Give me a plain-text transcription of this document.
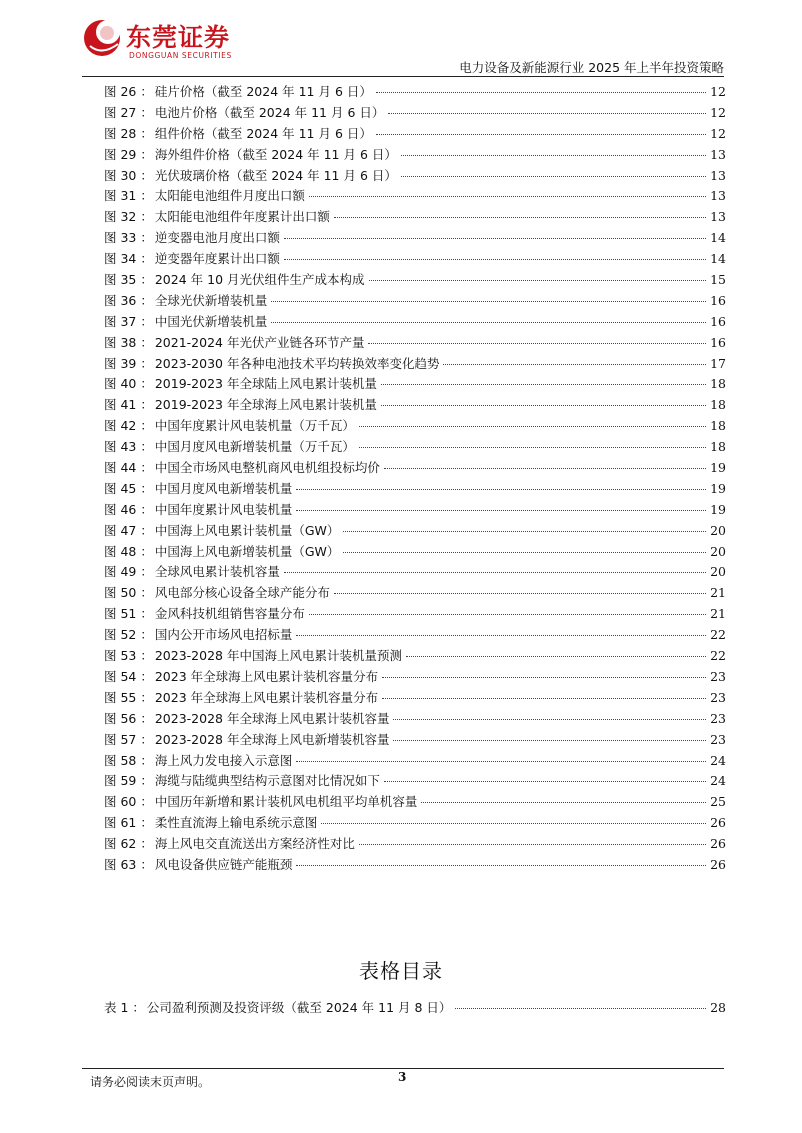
东莞证券
DONGGUAN SECURITIES
电力设备及新能源行业 2025 年上半年投资策略
图 26 ： 硅片价格（截至 2024 年 11 月 6 日）	12
图 27 ： 电池片价格（截至 2024 年 11 月 6 日）	12
图 28 ： 组件价格（截至 2024 年 11 月 6 日）	12
图 29 ： 海外组件价格（截至 2024 年 11 月 6 日）	13
图 30 ： 光伏玻璃价格（截至 2024 年 11 月 6 日）	13
图 31 ： 太阳能电池组件月度出口额	13
图 32 ： 太阳能电池组件年度累计出口额	13
图 33 ： 逆变器电池月度出口额	14
图 34 ： 逆变器年度累计出口额	14
图 35 ： 2024 年 10 月光伏组件生产成本构成	15
图 36 ： 全球光伏新增装机量	16
图 37 ： 中国光伏新增装机量	16
图 38 ： 2021-2024 年光伏产业链各环节产量	16
图 39 ： 2023-2030 年各种电池技术平均转换效率变化趋势	17
图 40 ： 2019-2023 年全球陆上风电累计装机量	18
图 41 ： 2019-2023 年全球海上风电累计装机量	18
图 42 ： 中国年度累计风电装机量（万千瓦）	18
图 43 ： 中国月度风电新增装机量（万千瓦）	18
图 44 ： 中国全市场风电整机商风电机组投标均价	19
图 45 ： 中国月度风电新增装机量	19
图 46 ： 中国年度累计风电装机量	19
图 47 ： 中国海上风电累计装机量（GW）	20
图 48 ： 中国海上风电新增装机量（GW）	20
图 49 ： 全球风电累计装机容量	20
图 50 ： 风电部分核心设备全球产能分布	21
图 51 ： 金风科技机组销售容量分布	21
图 52 ： 国内公开市场风电招标量	22
图 53 ： 2023-2028 年中国海上风电累计装机量预测	22
图 54 ： 2023 年全球海上风电累计装机容量分布	23
图 55 ： 2023 年全球海上风电累计装机容量分布	23
图 56 ： 2023-2028 年全球海上风电累计装机容量	23
图 57 ： 2023-2028 年全球海上风电新增装机容量	23
图 58 ： 海上风力发电接入示意图	24
图 59 ： 海缆与陆缆典型结构示意图对比情况如下	24
图 60 ： 中国历年新增和累计装机风电机组平均单机容量	25
图 61 ： 柔性直流海上输电系统示意图	26
图 62 ： 海上风电交直流送出方案经济性对比	26
图 63 ： 风电设备供应链产能瓶颈	26
表格目录
表 1 ： 公司盈利预测及投资评级（截至 2024 年 11 月 8 日）	28
请务必阅读末页声明。	3
